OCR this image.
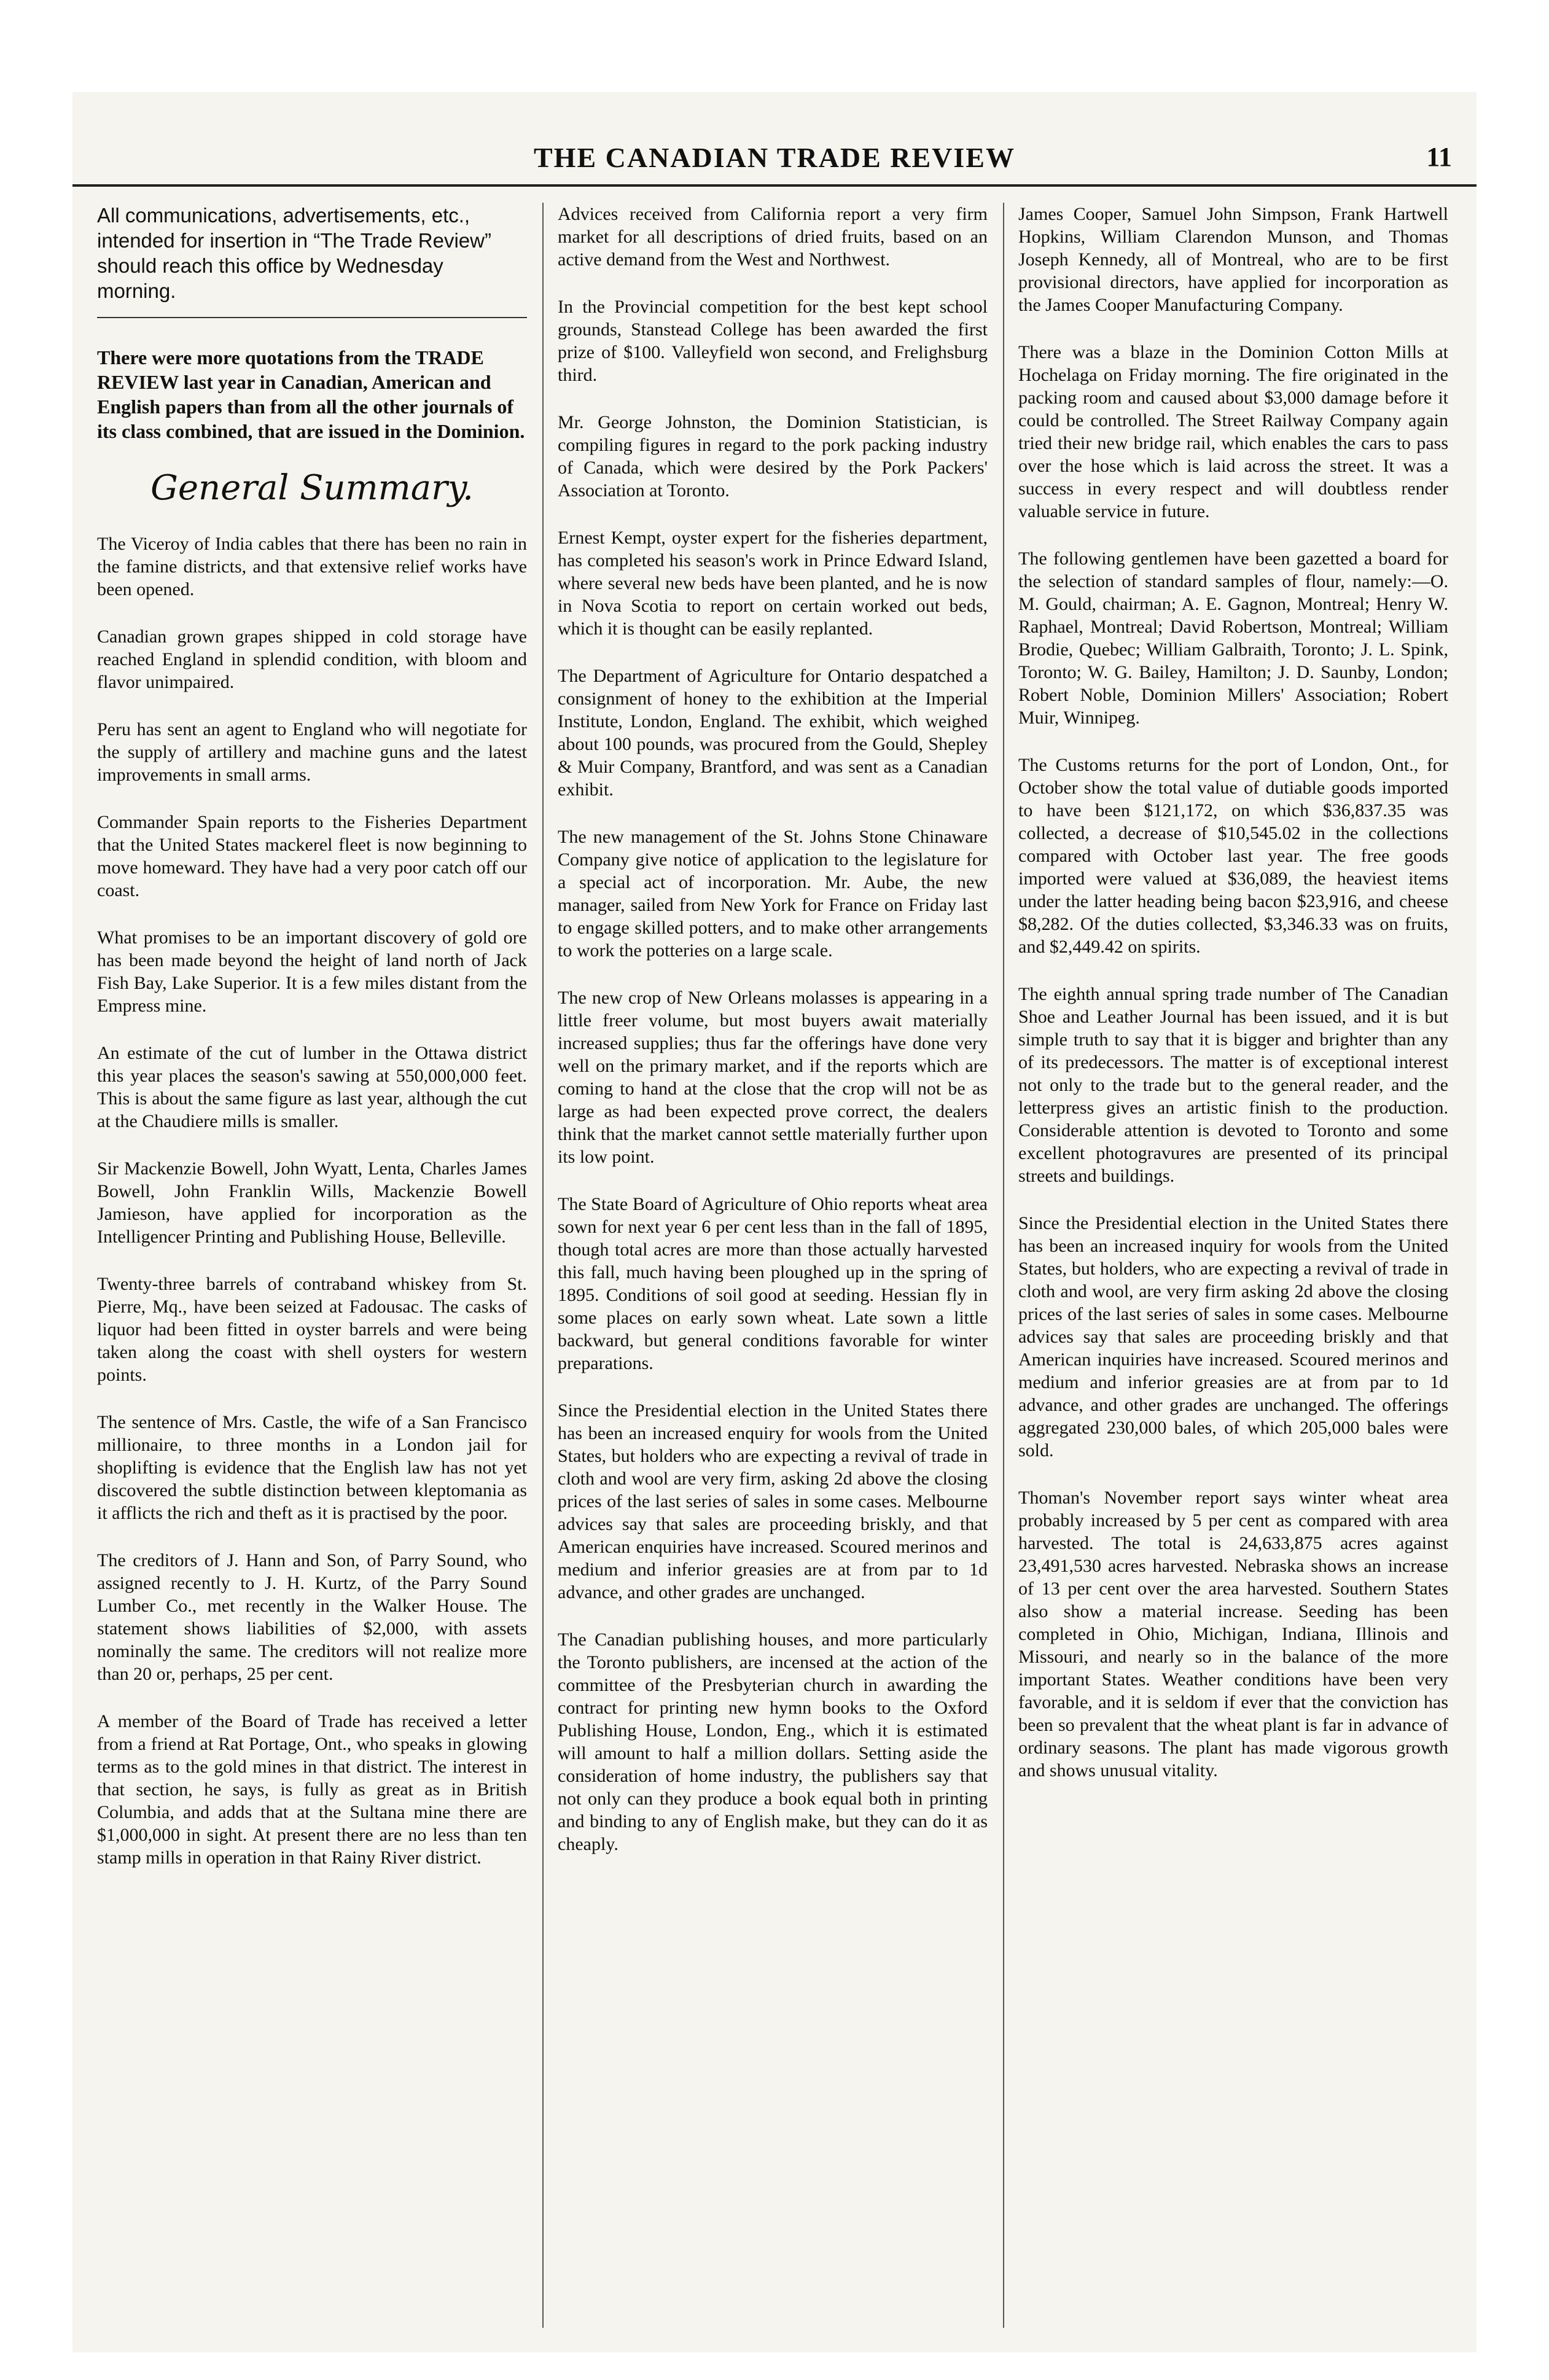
THE CANADIAN TRADE REVIEW	11

All communications, advertisements, etc., intended for insertion in “The Trade Review” should reach this office by Wednesday morning.

There were more quotations from the TRADE REVIEW last year in Canadian, American and English papers than from all the other journals of its class combined, that are issued in the Dominion.

General Summary.

The Viceroy of India cables that there has been no rain in the famine districts, and that extensive relief works have been opened.

Canadian grown grapes shipped in cold storage have reached England in splendid condition, with bloom and flavor unimpaired.

Peru has sent an agent to England who will negotiate for the supply of artillery and machine guns and the latest improvements in small arms.

Commander Spain reports to the Fisheries Department that the United States mackerel fleet is now beginning to move homeward. They have had a very poor catch off our coast.

What promises to be an important discovery of gold ore has been made beyond the height of land north of Jack Fish Bay, Lake Superior. It is a few miles distant from the Empress mine.

An estimate of the cut of lumber in the Ottawa district this year places the season's sawing at 550,000,000 feet. This is about the same figure as last year, although the cut at the Chaudiere mills is smaller.

Sir Mackenzie Bowell, John Wyatt, Lenta, Charles James Bowell, John Franklin Wills, Mackenzie Bowell Jamieson, have applied for incorporation as the Intelligencer Printing and Publishing House, Belleville.

Twenty-three barrels of contraband whiskey from St. Pierre, Mq., have been seized at Fadousac. The casks of liquor had been fitted in oyster barrels and were being taken along the coast with shell oysters for western points.

The sentence of Mrs. Castle, the wife of a San Francisco millionaire, to three months in a London jail for shoplifting is evidence that the English law has not yet discovered the subtle distinction between kleptomania as it afflicts the rich and theft as it is practised by the poor.

The creditors of J. Hann and Son, of Parry Sound, who assigned recently to J. H. Kurtz, of the Parry Sound Lumber Co., met recently in the Walker House. The statement shows liabilities of $2,000, with assets nominally the same. The creditors will not realize more than 20 or, perhaps, 25 per cent.

A member of the Board of Trade has received a letter from a friend at Rat Portage, Ont., who speaks in glowing terms as to the gold mines in that district. The interest in that section, he says, is fully as great as in British Columbia, and adds that at the Sultana mine there are $1,000,000 in sight. At present there are no less than ten stamp mills in operation in that Rainy River district.

Advices received from California report a very firm market for all descriptions of dried fruits, based on an active demand from the West and Northwest.

In the Provincial competition for the best kept school grounds, Stanstead College has been awarded the first prize of $100. Valleyfield won second, and Frelighsburg third.

Mr. George Johnston, the Dominion Statistician, is compiling figures in regard to the pork packing industry of Canada, which were desired by the Pork Packers' Association at Toronto.

Ernest Kempt, oyster expert for the fisheries department, has completed his season's work in Prince Edward Island, where several new beds have been planted, and he is now in Nova Scotia to report on certain worked out beds, which it is thought can be easily replanted.

The Department of Agriculture for Ontario despatched a consignment of honey to the exhibition at the Imperial Institute, London, England. The exhibit, which weighed about 100 pounds, was procured from the Gould, Shepley & Muir Company, Brantford, and was sent as a Canadian exhibit.

The new management of the St. Johns Stone Chinaware Company give notice of application to the legislature for a special act of incorporation. Mr. Aube, the new manager, sailed from New York for France on Friday last to engage skilled potters, and to make other arrangements to work the potteries on a large scale.

The new crop of New Orleans molasses is appearing in a little freer volume, but most buyers await materially increased supplies; thus far the offerings have done very well on the primary market, and if the reports which are coming to hand at the close that the crop will not be as large as had been expected prove correct, the dealers think that the market cannot settle materially further upon its low point.

The State Board of Agriculture of Ohio reports wheat area sown for next year 6 per cent less than in the fall of 1895, though total acres are more than those actually harvested this fall, much having been ploughed up in the spring of 1895. Conditions of soil good at seeding. Hessian fly in some places on early sown wheat. Late sown a little backward, but general conditions favorable for winter preparations.

Since the Presidential election in the United States there has been an increased enquiry for wools from the United States, but holders who are expecting a revival of trade in cloth and wool are very firm, asking 2d above the closing prices of the last series of sales in some cases. Melbourne advices say that sales are proceeding briskly, and that American enquiries have increased. Scoured merinos and medium and inferior greasies are at from par to 1d advance, and other grades are unchanged.

The Canadian publishing houses, and more particularly the Toronto publishers, are incensed at the action of the committee of the Presbyterian church in awarding the contract for printing new hymn books to the Oxford Publishing House, London, Eng., which it is estimated will amount to half a million dollars. Setting aside the consideration of home industry, the publishers say that not only can they produce a book equal both in printing and binding to any of English make, but they can do it as cheaply.

James Cooper, Samuel John Simpson, Frank Hartwell Hopkins, William Clarendon Munson, and Thomas Joseph Kennedy, all of Montreal, who are to be first provisional directors, have applied for incorporation as the James Cooper Manufacturing Company.

There was a blaze in the Dominion Cotton Mills at Hochelaga on Friday morning. The fire originated in the packing room and caused about $3,000 damage before it could be controlled. The Street Railway Company again tried their new bridge rail, which enables the cars to pass over the hose which is laid across the street. It was a success in every respect and will doubtless render valuable service in future.

The following gentlemen have been gazetted a board for the selection of standard samples of flour, namely:—O. M. Gould, chairman; A. E. Gagnon, Montreal; Henry W. Raphael, Montreal; David Robertson, Montreal; William Brodie, Quebec; William Galbraith, Toronto; J. L. Spink, Toronto; W. G. Bailey, Hamilton; J. D. Saunby, London; Robert Noble, Dominion Millers' Association; Robert Muir, Winnipeg.

The Customs returns for the port of London, Ont., for October show the total value of dutiable goods imported to have been $121,172, on which $36,837.35 was collected, a decrease of $10,545.02 in the collections compared with October last year. The free goods imported were valued at $36,089, the heaviest items under the latter heading being bacon $23,916, and cheese $8,282. Of the duties collected, $3,346.33 was on fruits, and $2,449.42 on spirits.

The eighth annual spring trade number of The Canadian Shoe and Leather Journal has been issued, and it is but simple truth to say that it is bigger and brighter than any of its predecessors. The matter is of exceptional interest not only to the trade but to the general reader, and the letterpress gives an artistic finish to the production. Considerable attention is devoted to Toronto and some excellent photogravures are presented of its principal streets and buildings.

Since the Presidential election in the United States there has been an increased inquiry for wools from the United States, but holders, who are expecting a revival of trade in cloth and wool, are very firm asking 2d above the closing prices of the last series of sales in some cases. Melbourne advices say that sales are proceeding briskly and that American inquiries have increased. Scoured merinos and medium and inferior greasies are at from par to 1d advance, and other grades are unchanged. The offerings aggregated 230,000 bales, of which 205,000 bales were sold.

Thoman's November report says winter wheat area probably increased by 5 per cent as compared with area harvested. The total is 24,633,875 acres against 23,491,530 acres harvested. Nebraska shows an increase of 13 per cent over the area harvested. Southern States also show a material increase. Seeding has been completed in Ohio, Michigan, Indiana, Illinois and Missouri, and nearly so in the balance of the more important States. Weather conditions have been very favorable, and it is seldom if ever that the conviction has been so prevalent that the wheat plant is far in advance of ordinary seasons. The plant has made vigorous growth and shows unusual vitality.
